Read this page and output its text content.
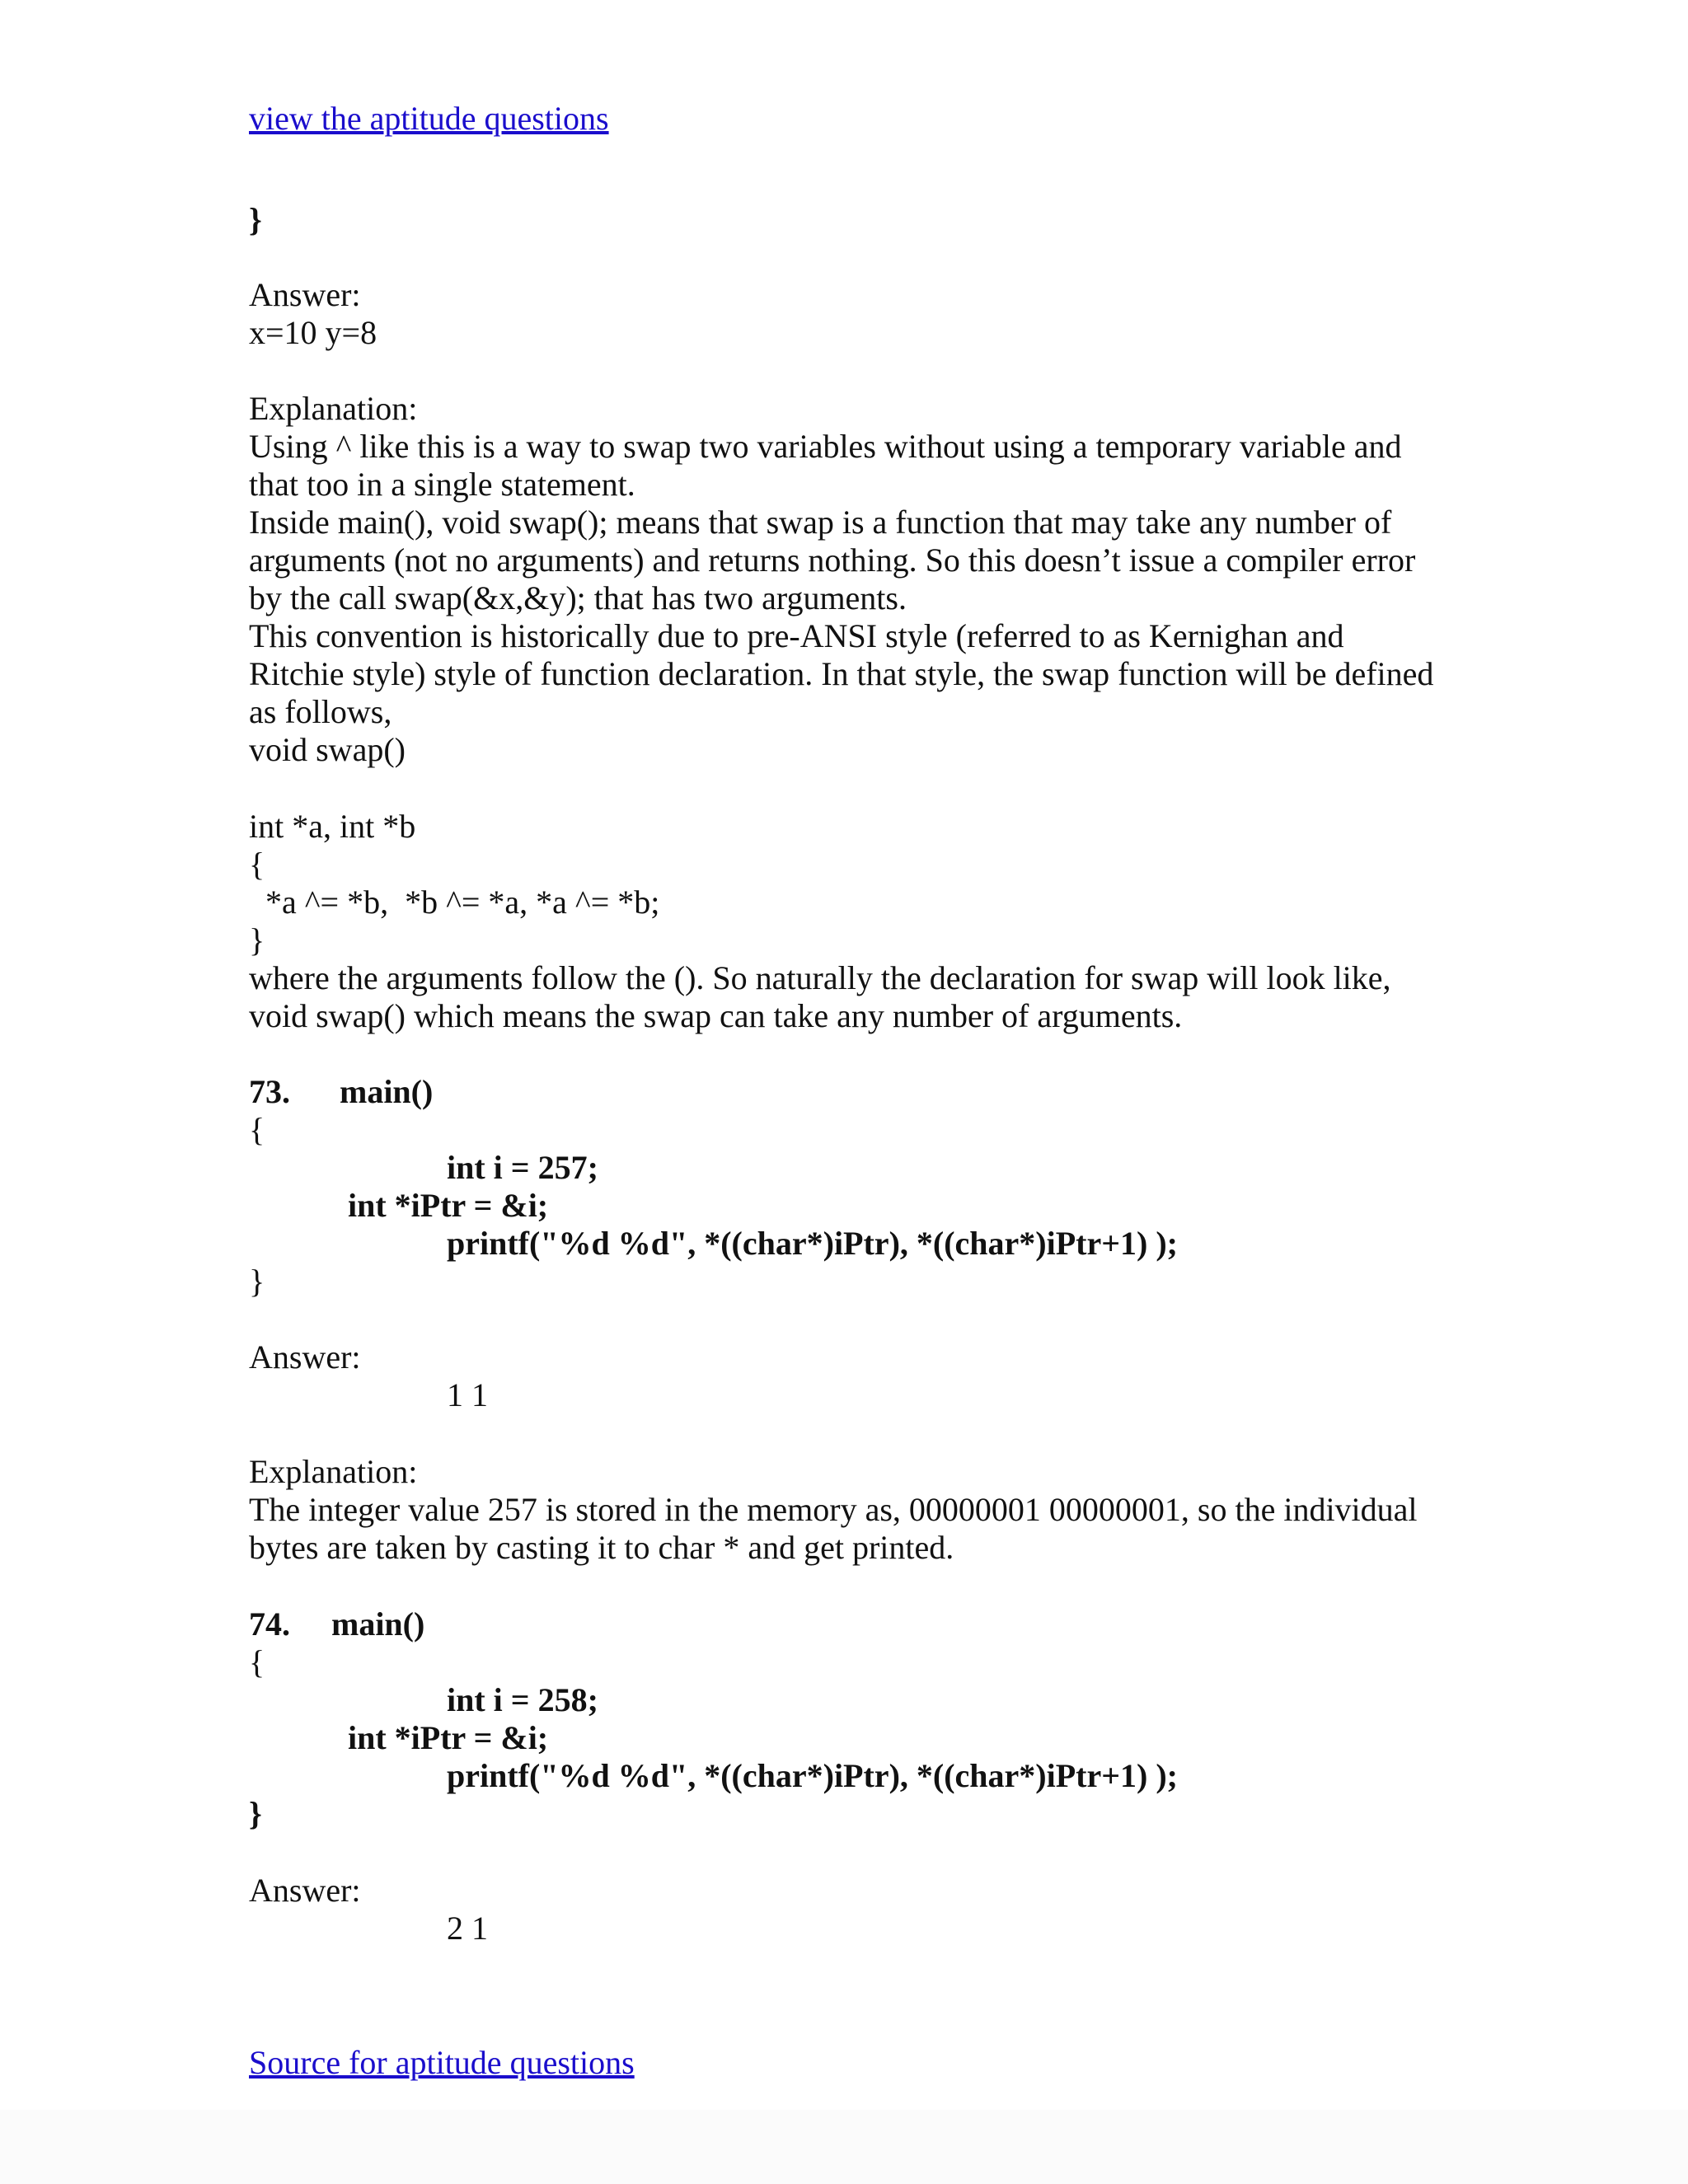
view the aptitude questions
}
Answer:
x=10 y=8
Explanation:
Using ^ like this is a way to swap two variables without using a temporary variable and
that too in a single statement.
Inside main(), void swap(); means that swap is a function that may take any number of
arguments (not no arguments) and returns nothing. So this doesn’t issue a compiler error
by the call swap(&x,&y); that has two arguments.
This convention is historically due to pre-ANSI style (referred to as Kernighan and
Ritchie style) style of function declaration. In that style, the swap function will be defined
as follows,
void swap()
int *a, int *b
{
*a ^= *b,  *b ^= *a, *a ^= *b;
}
where the arguments follow the (). So naturally the declaration for swap will look like,
void swap() which means the swap can take any number of arguments.
73. main()
{
int i = 257;
int *iPtr = &i;
printf("%d %d", *((char*)iPtr), *((char*)iPtr+1) );
}
Answer:
1 1
Explanation:
The integer value 257 is stored in the memory as, 00000001 00000001, so the individual
bytes are taken by casting it to char * and get printed.
74. main()
{
int i = 258;
int *iPtr = &i;
printf("%d %d", *((char*)iPtr), *((char*)iPtr+1) );
}
Answer:
2 1
Source for aptitude questions
